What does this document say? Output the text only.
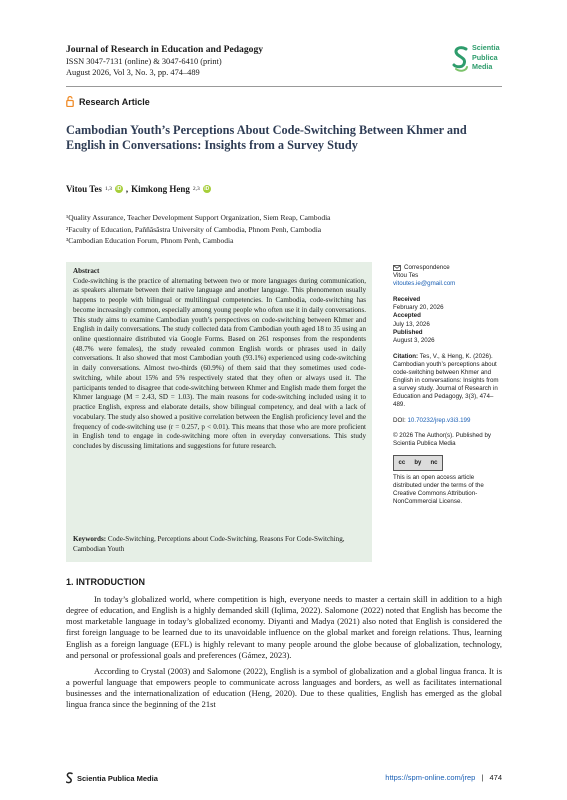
Journal of Research in Education and Pedagogy
ISSN 3047-7131 (online) & 3047-6410 (print)
August 2026, Vol 3, No. 3, pp. 474–489
Scientia
Publica
Media
Research Article
Cambodian Youth’s Perceptions About Code-Switching Between Khmer and English in Conversations: Insights from a Survey Study
Vitou Tes 1,3 iD , Kimkong Heng 2,3 iD
¹Quality Assurance, Teacher Development Support Organization, Siem Reap, Cambodia
²Faculty of Education, Paññāsāstra University of Cambodia, Phnom Penh, Cambodia
³Cambodian Education Forum, Phnom Penh, Cambodia
Abstract
Code-switching is the practice of alternating between two or more languages during communication, as speakers alternate between their native language and another language. This phenomenon usually happens to people with bilingual or multilingual competencies. In Cambodia, code-switching has become increasingly common, especially among young people who often use it in daily conversations. This study aims to examine Cambodian youth’s perspectives on code-switching between Khmer and English in daily conversations. The study collected data from Cambodian youth aged 18 to 35 using an online questionnaire distributed via Google Forms. Based on 261 responses from the respondents (48.7% were females), the study revealed common English words or phrases used in daily conversations. It also showed that most Cambodian youth (93.1%) experienced using code-switching in daily conversations. Almost two-thirds (60.9%) of them said that they sometimes used code-switching, while about 15% and 5% respectively stated that they often or always used it. The participants tended to disagree that code-switching between Khmer and English made them forget the Khmer language (M = 2.43, SD = 1.03). The main reasons for code-switching included using it to practice English, express and elaborate details, show bilingual competency, and deal with a lack of vocabulary. The study also showed a positive correlation between the English proficiency level and the frequency of code-switching use (r = 0.257, p < 0.01). This means that those who are more proficient in English tend to engage in code-switching more often in everyday conversations. This study concludes by discussing limitations and suggestions for future research.
Keywords: Code-Switching, Perceptions about Code-Switching, Reasons For Code-Switching, Cambodian Youth
Correspondence
Vitou Tes
vitoutes.ie@gmail.com
Received
February 20, 2026
Accepted
July 13, 2026
Published
August 3, 2026
Citation: Tes, V., & Heng, K. (2026). Cambodian youth’s perceptions about code-switching between Khmer and English in conversations: Insights from a survey study. Journal of Research in Education and Pedagogy, 3(3), 474–489.
DOI: 10.70232/jrep.v3i3.199
© 2026 The Author(s). Published by Scientia Publica Media
cc by nc
This is an open access article distributed under the terms of the Creative Commons Attribution-NonCommercial License.
1. INTRODUCTION

In today’s globalized world, where competition is high, everyone needs to master a certain skill in addition to a high degree of education, and English is a highly demanded skill (Iqlima, 2022). Salomone (2022) noted that English has become the most marketable language in today’s globalized economy. Diyanti and Madya (2021) also noted that English is considered the first foreign language to be learned due to its unavoidable influence on the global market and foreign relations. Thus, learning English as a foreign language (EFL) is highly relevant to many people around the globe because of globalization, technology, and personal or professional goals and preferences (Gámez, 2023).

According to Crystal (2003) and Salomone (2022), English is a symbol of globalization and a global lingua franca. It is a powerful language that empowers people to communicate across languages and borders, as well as facilitates international businesses and the internationalization of education (Heng, 2020). Due to these qualities, English has emerged as the global lingua franca since the beginning of the 21st

Scientia Publica Media	https://spm-online.com/jrep | 474
